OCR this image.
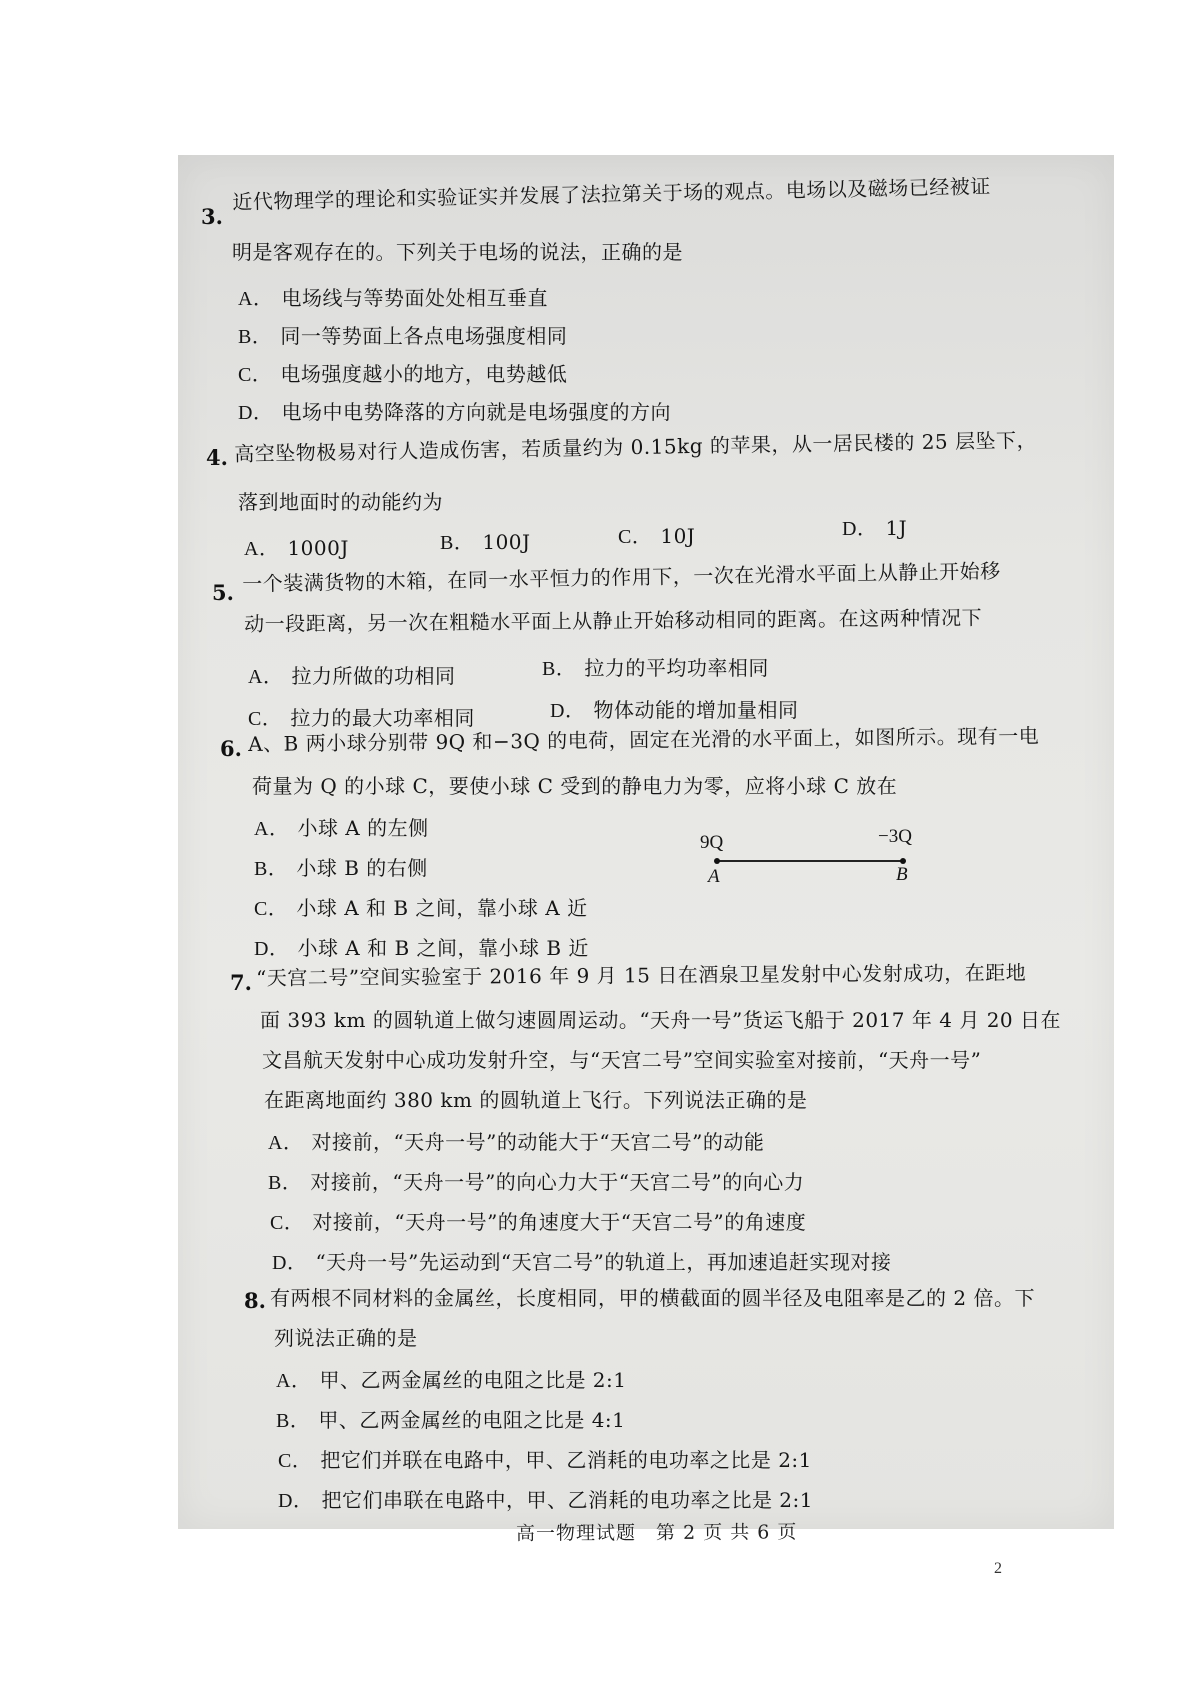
3.
近代物理学的理论和实验证实并发展了法拉第关于场的观点。电场以及磁场已经被证
明是客观存在的。下列关于电场的说法，正确的是
A． 电场线与等势面处处相互垂直
B． 同一等势面上各点电场强度相同
C． 电场强度越小的地方，电势越低
D． 电场中电势降落的方向就是电场强度的方向
4. 高空坠物极易对行人造成伤害，若质量约为 0.15kg 的苹果，从一居民楼的 25 层坠下，
落到地面时的动能约为
A． 1000J	B． 100J	C． 10J	D． 1J
5. 一个装满货物的木箱，在同一水平恒力的作用下，一次在光滑水平面上从静止开始移
动一段距离，另一次在粗糙水平面上从静止开始移动相同的距离。在这两种情况下
A． 拉力所做的功相同	B． 拉力的平均功率相同
C． 拉力的最大功率相同	D． 物体动能的增加量相同
6. A、B 两小球分别带 9Q 和−3Q 的电荷，固定在光滑的水平面上，如图所示。现有一电
荷量为 Q 的小球 C，要使小球 C 受到的静电力为零，应将小球 C 放在
A． 小球 A 的左侧
B． 小球 B 的右侧
C． 小球 A 和 B 之间，靠小球 A 近
D． 小球 A 和 B 之间，靠小球 B 近
9Q	−3Q
A	B
7. “天宫二号”空间实验室于 2016 年 9 月 15 日在酒泉卫星发射中心发射成功，在距地
面 393 km 的圆轨道上做匀速圆周运动。“天舟一号”货运飞船于 2017 年 4 月 20 日在
文昌航天发射中心成功发射升空，与“天宫二号”空间实验室对接前，“天舟一号”
在距离地面约 380 km 的圆轨道上飞行。下列说法正确的是
A． 对接前，“天舟一号”的动能大于“天宫二号”的动能
B． 对接前，“天舟一号”的向心力大于“天宫二号”的向心力
C． 对接前，“天舟一号”的角速度大于“天宫二号”的角速度
D． “天舟一号”先运动到“天宫二号”的轨道上，再加速追赶实现对接
8. 有两根不同材料的金属丝，长度相同，甲的横截面的圆半径及电阻率是乙的 2 倍。下
列说法正确的是
A． 甲、乙两金属丝的电阻之比是 2:1
B． 甲、乙两金属丝的电阻之比是 4:1
C． 把它们并联在电路中，甲、乙消耗的电功率之比是 2:1
D． 把它们串联在电路中，甲、乙消耗的电功率之比是 2:1
高一物理试题　第 2 页 共 6 页
2
